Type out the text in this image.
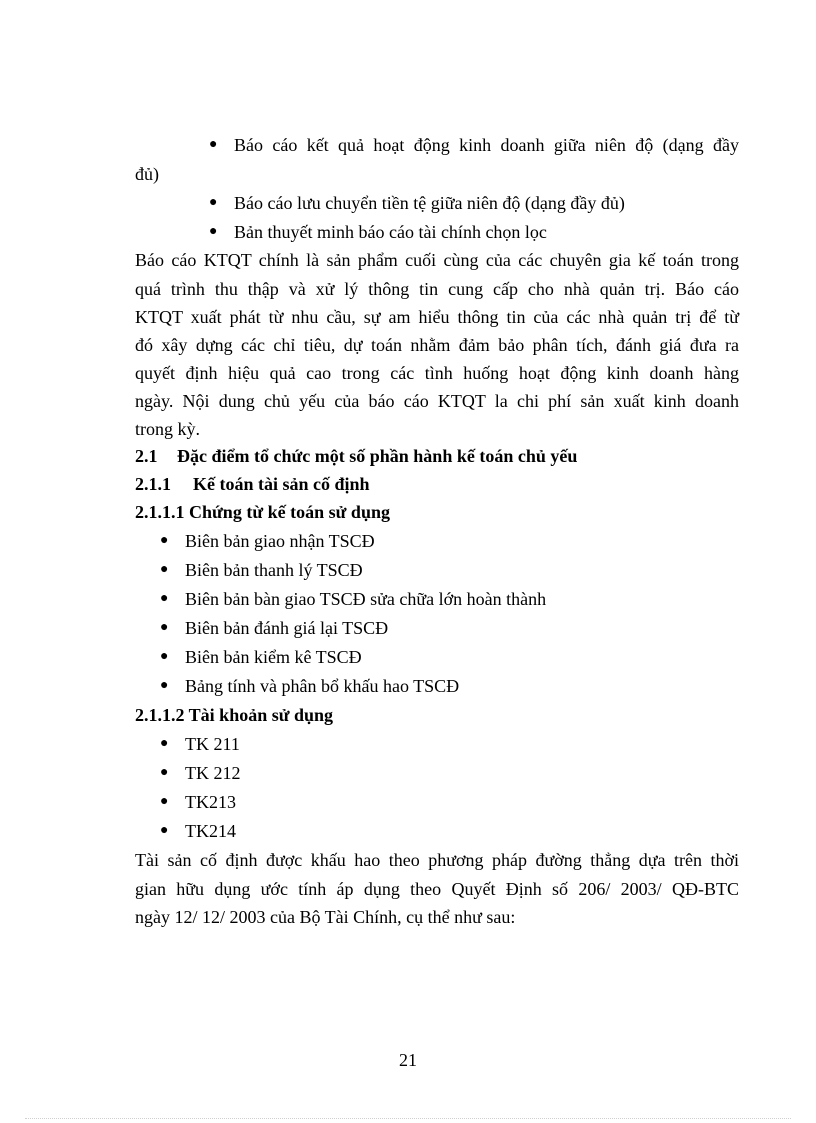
● Báo cáo kết quả hoạt động kinh doanh giữa niên độ (dạng đầy
đủ)
● Báo cáo lưu chuyển tiền tệ giữa niên độ (dạng đầy đủ)
● Bản thuyết minh báo cáo tài chính chọn lọc
Báo cáo KTQT chính là sản phẩm cuối cùng của các chuyên gia kế toán trong
quá trình thu thập và xử lý thông tin cung cấp cho nhà quản trị. Báo cáo
KTQT xuất phát từ nhu cầu, sự am hiểu thông tin của các nhà quản trị để từ
đó xây dựng các chỉ tiêu, dự toán nhằm đảm bảo phân tích, đánh giá đưa ra
quyết định hiệu quả cao trong các tình huống hoạt động kinh doanh hàng
ngày. Nội dung chủ yếu của báo cáo KTQT la chi phí sản xuất kinh doanh
trong kỳ.
2.1 Đặc điểm tổ chức một số phần hành kế toán chủ yếu
2.1.1 Kế toán tài sản cố định
2.1.1.1 Chứng từ kế toán sử dụng
● Biên bản giao nhận TSCĐ
● Biên bản thanh lý TSCĐ
● Biên bản bàn giao TSCĐ sửa chữa lớn hoàn thành
● Biên bản đánh giá lại TSCĐ
● Biên bản kiểm kê TSCĐ
● Bảng tính và phân bổ khấu hao TSCĐ
2.1.1.2 Tài khoản sử dụng
● TK 211
● TK 212
● TK213
● TK214
Tài sản cố định được khấu hao theo phương pháp đường thẳng dựa trên thời
gian hữu dụng ước tính áp dụng theo Quyết Định số 206/ 2003/ QĐ-BTC
ngày 12/ 12/ 2003 của Bộ Tài Chính, cụ thể như sau:
21
